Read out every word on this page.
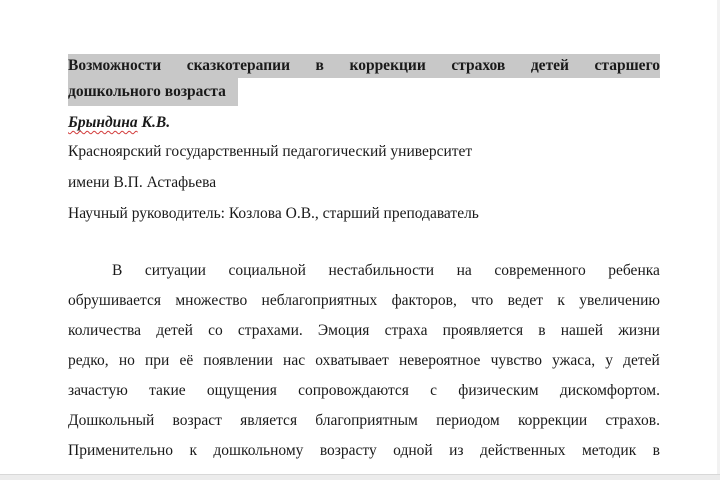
Возможности сказкотерапии в коррекции страхов детей старшего
дошкольного возраста
Брындина К.В.
Красноярский государственный педагогический университет
имени В.П. Астафьева
Научный руководитель: Козлова О.В., старший преподаватель
В ситуации социальной нестабильности на современного ребенка
обрушивается множество неблагоприятных факторов, что ведет к увеличению
количества детей со страхами. Эмоция страха проявляется в нашей жизни
редко, но при её появлении нас охватывает невероятное чувство ужаса, у детей
зачастую такие ощущения сопровождаются с физическим дискомфортом.
Дошкольный возраст является благоприятным периодом коррекции страхов.
Применительно к дошкольному возрасту одной из действенных методик в
